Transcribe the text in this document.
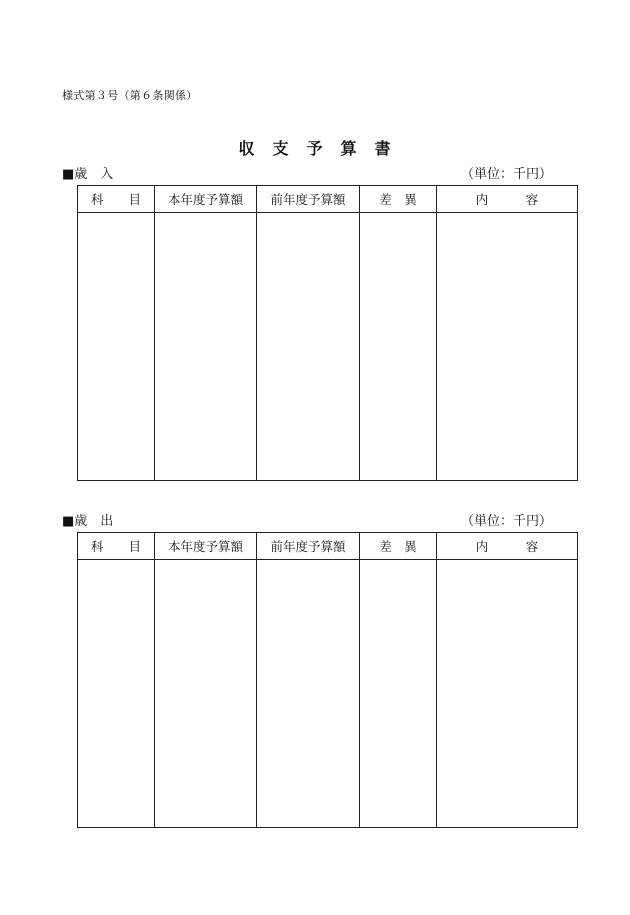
様式第３号（第６条関係）
収　支　予　算　書
■歳　入	（単位：千円）
科　　目	本年度予算額	前年度予算額	差　異	内　　　容

■歳　出	（単位：千円）
科　　目	本年度予算額	前年度予算額	差　異	内　　　容
